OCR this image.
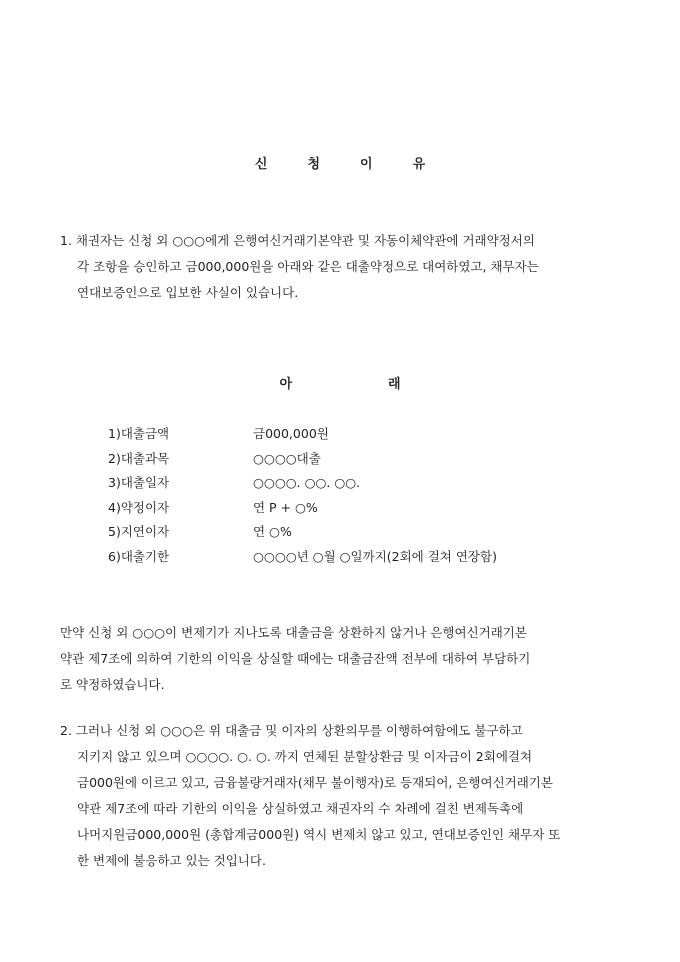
신	청	이	유
1. 채권자는 신청 외 ○○○에게 은행여신거래기본약관 및 자동이체약관에 거래약정서의
각 조항을 승인하고 금000,000원을 아래와 같은 대출약정으로 대여하였고, 채무자는
연대보증인으로 입보한 사실이 있습니다.
아	래
1)대출금액	금000,000원
2)대출과목	○○○○대출
3)대출일자	○○○○. ○○. ○○.
4)약정이자	연 P + ○%
5)지연이자	연 ○%
6)대출기한	○○○○년 ○월 ○일까지(2회에 걸쳐 연장함)
만약 신청 외 ○○○이 변제기가 지나도록 대출금을 상환하지 않거나 은행여신거래기본
약관 제7조에 의하여 기한의 이익을 상실할 때에는 대출금잔액 전부에 대하여 부담하기
로 약정하였습니다.
2. 그러나 신청 외 ○○○은 위 대출금 및 이자의 상환의무를 이행하여함에도 불구하고
지키지 않고 있으며 ○○○○. ○. ○. 까지 연체된 분할상환금 및 이자금이 2회에걸쳐
금000원에 이르고 있고, 금융불량거래자(채무 불이행자)로 등재되어, 은행여신거래기본
약관 제7조에 따라 기한의 이익을 상실하였고 채권자의 수 차례에 걸친 변제독촉에
나머지원금000,000원 (총합계금000원) 역시 변제치 않고 있고, 연대보증인인 채무자 또
한 변제에 불응하고 있는 것입니다.
